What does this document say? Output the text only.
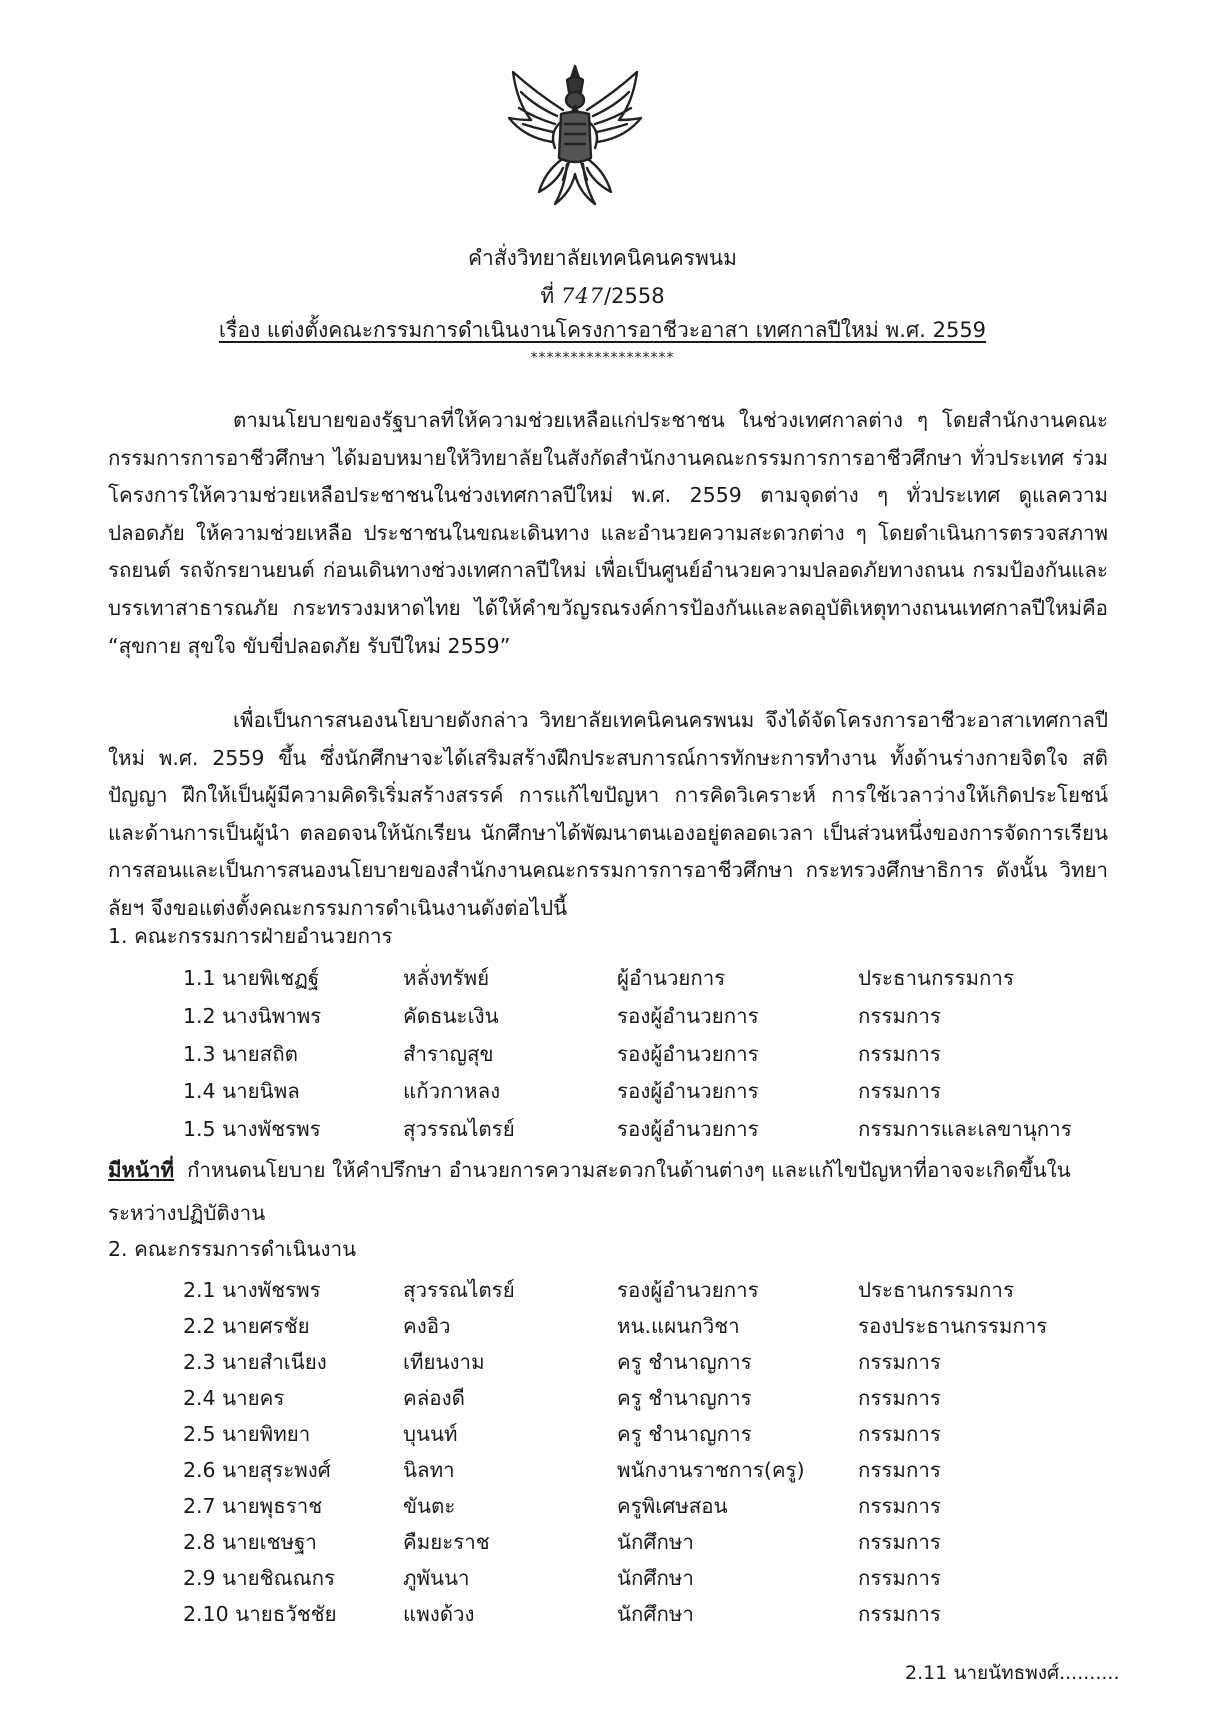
คำสั่งวิทยาลัยเทคนิคนครพนม
ที่ 747/2558
เรื่อง แต่งตั้งคณะกรรมการดำเนินงานโครงการอาชีวะอาสา เทศกาลปีใหม่ พ.ศ. 2559
******************

ตามนโยบายของรัฐบาลที่ให้ความช่วยเหลือแก่ประชาชน ในช่วงเทศกาลต่าง ๆ โดยสำนักงานคณะกรรมการการอาชีวศึกษา ได้มอบหมายให้วิทยาลัยในสังกัดสำนักงานคณะกรรมการการอาชีวศึกษา ทั่วประเทศ ร่วมโครงการให้ความช่วยเหลือประชาชนในช่วงเทศกาลปีใหม่ พ.ศ. 2559 ตามจุดต่าง ๆ ทั่วประเทศ ดูแลความปลอดภัย ให้ความช่วยเหลือ ประชาชนในขณะเดินทาง และอำนวยความสะดวกต่าง ๆ โดยดำเนินการตรวจสภาพรถยนต์ รถจักรยานยนต์ ก่อนเดินทางช่วงเทศกาลปีใหม่ เพื่อเป็นศูนย์อำนวยความปลอดภัยทางถนน กรมป้องกันและบรรเทาสาธารณภัย กระทรวงมหาดไทย ได้ให้คำขวัญรณรงค์การป้องกันและลดอุบัติเหตุทางถนนเทศกาลปีใหม่คือ “สุขกาย สุขใจ ขับขี่ปลอดภัย รับปีใหม่ 2559”

เพื่อเป็นการสนองนโยบายดังกล่าว วิทยาลัยเทคนิคนครพนม จึงได้จัดโครงการอาชีวะอาสาเทศกาลปีใหม่ พ.ศ. 2559 ขึ้น ซึ่งนักศึกษาจะได้เสริมสร้างฝึกประสบการณ์การทักษะการทำงาน ทั้งด้านร่างกายจิตใจ สติปัญญา ฝึกให้เป็นผู้มีความคิดริเริ่มสร้างสรรค์ การแก้ไขปัญหา การคิดวิเคราะห์ การใช้เวลาว่างให้เกิดประโยชน์ และด้านการเป็นผู้นำ ตลอดจนให้นักเรียน นักศึกษาได้พัฒนาตนเองอยู่ตลอดเวลา เป็นส่วนหนึ่งของการจัดการเรียนการสอนและเป็นการสนองนโยบายของสำนักงานคณะกรรมการการอาชีวศึกษา กระทรวงศึกษาธิการ ดังนั้น วิทยาลัยฯ จึงขอแต่งตั้งคณะกรรมการดำเนินงานดังต่อไปนี้

1. คณะกรรมการฝ่ายอำนวยการ
1.1 นายพิเชฏฐ์	หลั่งทรัพย์	ผู้อำนวยการ	ประธานกรรมการ
1.2 นางนิพาพร	คัดธนะเงิน	รองผู้อำนวยการ	กรรมการ
1.3 นายสถิต	สำราญสุข	รองผู้อำนวยการ	กรรมการ
1.4 นายนิพล	แก้วกาหลง	รองผู้อำนวยการ	กรรมการ
1.5 นางพัชรพร	สุวรรณไตรย์	รองผู้อำนวยการ	กรรมการและเลขานุการ
มีหน้าที่ กำหนดนโยบาย ให้คำปรึกษา อำนวยการความสะดวกในด้านต่างๆ และแก้ไขปัญหาที่อาจจะเกิดขึ้นในระหว่างปฏิบัติงาน
2. คณะกรรมการดำเนินงาน
2.1 นางพัชรพร	สุวรรณไตรย์	รองผู้อำนวยการ	ประธานกรรมการ
2.2 นายศรชัย	คงอิว	หน.แผนกวิชา	รองประธานกรรมการ
2.3 นายสำเนียง	เทียนงาม	ครู ชำนาญการ	กรรมการ
2.4 นายคร	คล่องดี	ครู ชำนาญการ	กรรมการ
2.5 นายพิทยา	บุนนท์	ครู ชำนาญการ	กรรมการ
2.6 นายสุระพงศ์	นิลทา	พนักงานราชการ(ครู)	กรรมการ
2.7 นายพุธราช	ขันตะ	ครูพิเศษสอน	กรรมการ
2.8 นายเชษฐา	คืมยะราช	นักศึกษา	กรรมการ
2.9 นายชิณณกร	ภูพันนา	นักศึกษา	กรรมการ
2.10 นายธวัชชัย	แพงด้วง	นักศึกษา	กรรมการ
2.11 นายนัทธพงศ์..........
